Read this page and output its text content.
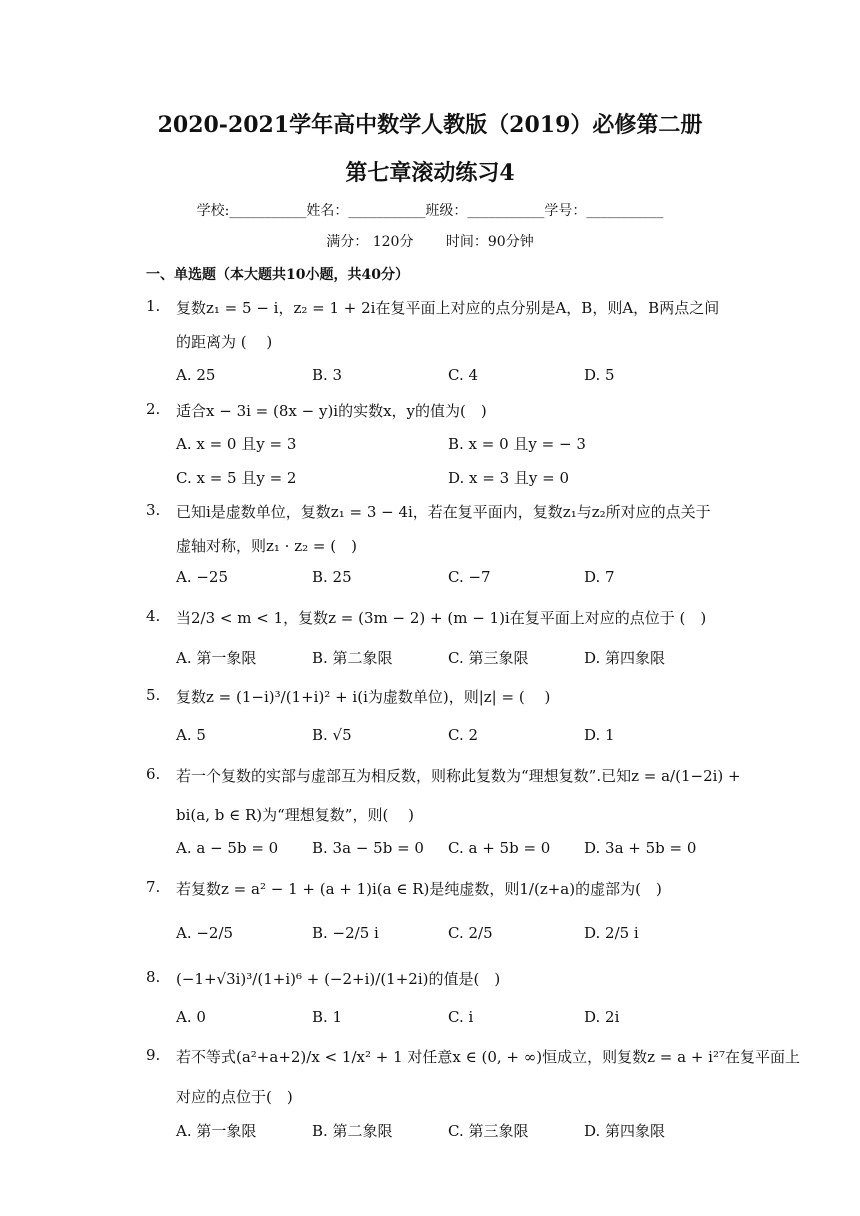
2020-2021学年高中数学人教版（2019）必修第二册
第七章滚动练习4
学校:___________姓名：___________班级：___________学号：___________
满分： 120分　　 时间：90分钟
一、单选题（本大题共10小题，共40分）
1. 复数z₁ = 5 − i，z₂ = 1 + 2i在复平面上对应的点分别是A，B，则A，B两点之间
的距离为 (　 )
A. 25	B. 3	C. 4	D. 5
2. 适合x − 3i = (8x − y)i的实数x，y的值为(　)
A. x = 0 且y = 3	B. x = 0 且y = − 3
C. x = 5 且y = 2	D. x = 3 且y = 0
3. 已知i是虚数单位，复数z₁ = 3 − 4i，若在复平面内，复数z₁与z₂所对应的点关于
虚轴对称，则z₁ · z₂ = (　)
A. −25	B. 25	C. −7	D. 7
4. 当2/3 < m < 1，复数z = (3m − 2) + (m − 1)i在复平面上对应的点位于 (　)
A. 第一象限	B. 第二象限	C. 第三象限	D. 第四象限
5. 复数z = (1−i)³/(1+i)² + i(i为虚数单位)，则|z| = (　 )
A. 5	B. √5	C. 2	D. 1
6. 若一个复数的实部与虚部互为相反数，则称此复数为“理想复数”.已知z = a/(1−2i) +
bi(a, b ∈ R)为“理想复数”，则(　 )
A. a − 5b = 0 B. 3a − 5b = 0 C. a + 5b = 0 D. 3a + 5b = 0
7. 若复数z = a² − 1 + (a + 1)i(a ∈ R)是纯虚数，则1/(z+a)的虚部为(　)
A. −2/5	B. −2/5 i	C. 2/5	D. 2/5 i
8. (−1+√3i)³/(1+i)⁶ + (−2+i)/(1+2i)的值是(　)
A. 0	B. 1	C. i	D. 2i
9. 若不等式(a²+a+2)/x < 1/x² + 1 对任意x ∈ (0, + ∞)恒成立，则复数z = a + i²⁷在复平面上
对应的点位于(　)
A. 第一象限	B. 第二象限	C. 第三象限	D. 第四象限
